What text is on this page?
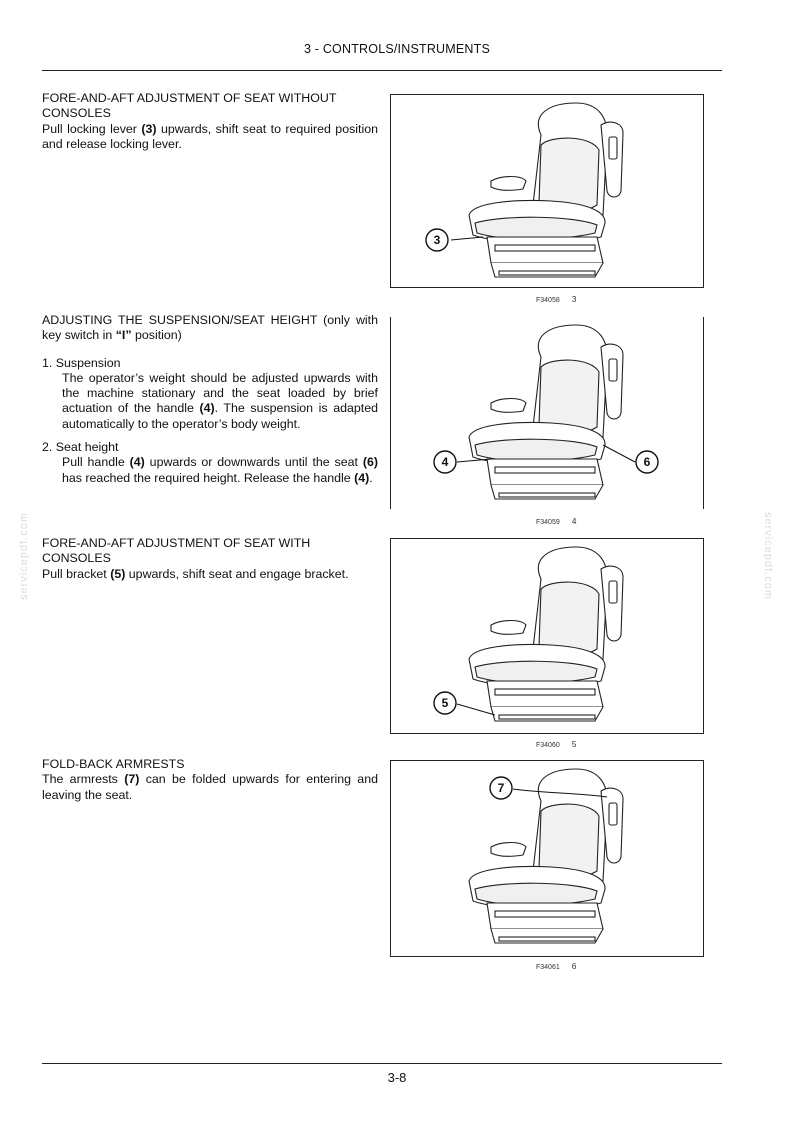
3 - CONTROLS/INSTRUMENTS
servicepdf.com	servicepdf.com

FORE-AND-AFT ADJUSTMENT OF SEAT WITHOUT CONSOLES

Pull locking lever (3) upwards, shift seat to required position and release locking lever.

ADJUSTING THE SUSPENSION/SEAT HEIGHT (only with key switch in “I” position)

1. Suspension
The operator’s weight should be adjusted upwards with the machine stationary and the seat loaded by brief actuation of the handle (4). The suspension is adapted automatically to the operator’s body weight.
2. Seat height
Pull handle (4) upwards or downwards until the seat (6) has reached the required height. Release the handle (4).

FORE-AND-AFT ADJUSTMENT OF SEAT WITH CONSOLES

Pull bracket (5) upwards, shift seat and engage bracket.

FOLD-BACK ARMRESTS

The armrests (7) can be folded upwards for entering and leaving the seat.

3
F34058 3
4	6
F34059 4
5
F34060 5
7
F34061 6
3-8
